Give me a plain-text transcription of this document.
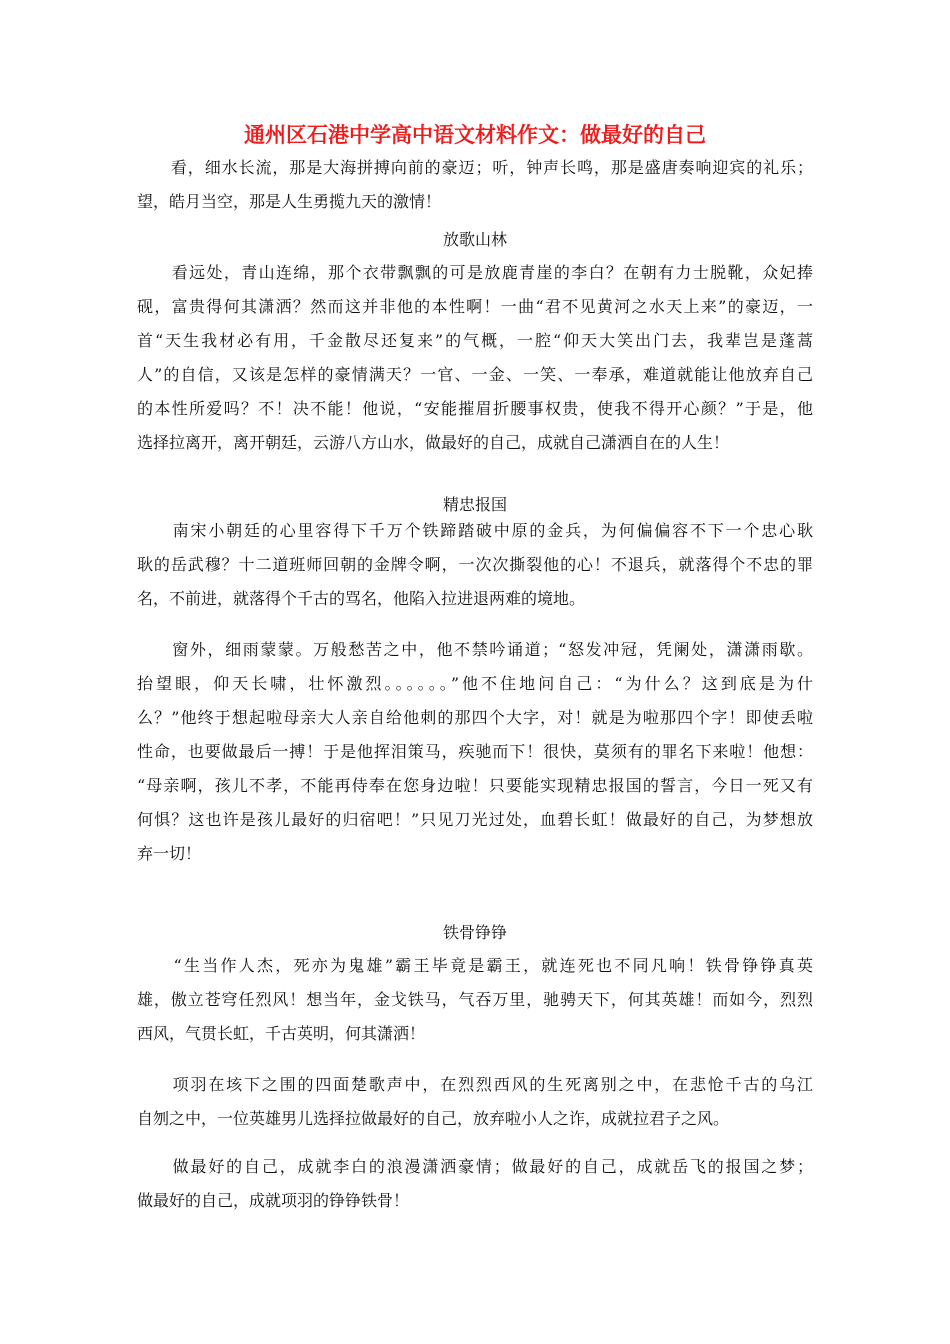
通州区石港中学高中语文材料作文：做最好的自己
　　看，细水长流，那是大海拼搏向前的豪迈；听，钟声长鸣，那是盛唐奏响迎宾的礼乐；
望，皓月当空，那是人生勇揽九天的激情！
放歌山林
　　看远处，青山连绵，那个衣带飘飘的可是放鹿青崖的李白？在朝有力士脱靴，众妃捧
砚，富贵得何其潇洒？然而这并非他的本性啊！一曲“君不见黄河之水天上来”的豪迈，一
首“天生我材必有用，千金散尽还复来”的气概，一腔“仰天大笑出门去，我辈岂是蓬蒿
人”的自信，又该是怎样的豪情满天？一官、一金、一笑、一奉承，难道就能让他放弃自己
的本性所爱吗？不！决不能！他说，“安能摧眉折腰事权贵，使我不得开心颜？”于是，他
选择拉离开，离开朝廷，云游八方山水，做最好的自己，成就自己潇洒自在的人生！
精忠报国
　　南宋小朝廷的心里容得下千万个铁蹄踏破中原的金兵，为何偏偏容不下一个忠心耿
耿的岳武穆？十二道班师回朝的金牌令啊，一次次撕裂他的心！不退兵，就落得个不忠的罪
名，不前进，就落得个千古的骂名，他陷入拉进退两难的境地。
　　窗外，细雨蒙蒙。万般愁苦之中，他不禁吟诵道；“怒发冲冠，凭阑处，潇潇雨歇。
抬望眼，仰天长啸，壮怀激烈。。。。。。”他不住地问自己：“为什么？这到底是为什
么？”他终于想起啦母亲大人亲自给他刺的那四个大字，对！就是为啦那四个字！即使丢啦
性命，也要做最后一搏！于是他挥泪策马，疾驰而下！很快，莫须有的罪名下来啦！他想：
“母亲啊，孩儿不孝，不能再侍奉在您身边啦！只要能实现精忠报国的誓言，今日一死又有
何惧？这也许是孩儿最好的归宿吧！”只见刀光过处，血碧长虹！做最好的自己，为梦想放
弃一切！
铁骨铮铮
　　“生当作人杰，死亦为鬼雄”霸王毕竟是霸王，就连死也不同凡响！铁骨铮铮真英
雄，傲立苍穹任烈风！想当年，金戈铁马，气吞万里，驰骋天下，何其英雄！而如今，烈烈
西风，气贯长虹，千古英明，何其潇洒！
　　项羽在垓下之围的四面楚歌声中，在烈烈西风的生死离别之中，在悲怆千古的乌江
自刎之中，一位英雄男儿选择拉做最好的自己，放弃啦小人之诈，成就拉君子之风。
　　做最好的自己，成就李白的浪漫潇洒豪情；做最好的自己，成就岳飞的报国之梦；
做最好的自己，成就项羽的铮铮铁骨！
